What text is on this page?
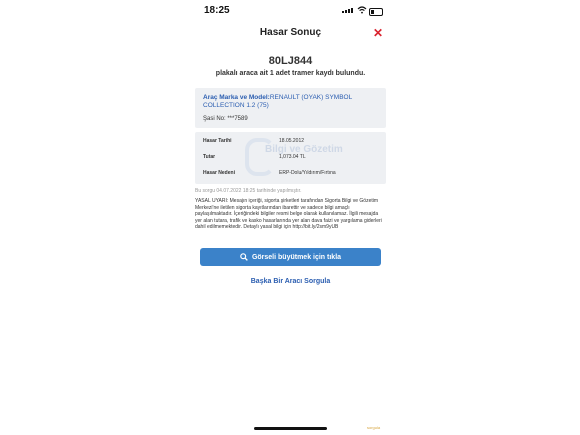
18:25
Hasar Sonuç	✕
80LJ844
plakalı araca ait 1 adet tramer kaydı bulundu.
Araç Marka ve Model:RENAULT (OYAK) SYMBOL COLLECTION 1.2 (75)
Şasi No: ***7589
Bilgi ve Gözetim
Hasar Tarihi	18.05.2012
Tutar	1,073.04 TL
Hasar Nedeni	ERP-Dolu/Yıldırım/Fırtına
Bu sorgu 04.07.2022 18:25 tarihinde yapılmıştır.
YASAL UYARI: Mesajın içeriği, sigorta şirketleri tarafından Sigorta Bilgi ve Gözetim Merkezi'ne iletilen sigorta kayıtlarından ibarettir ve sadece bilgi amaçlı paylaşılmaktadır. İçeriğindeki bilgiler resmi belge olarak kullanılamaz. İlgili mesajda yer alan tutara, trafik ve kasko hasarlarında yer alan dava faizi ve yargılama giderleri dahil edilmemektedir. Detaylı yasal bilgi için http://bit.ly/2sm9yUB
Görseli büyütmek için tıkla
Başka Bir Aracı Sorgula
sorgula
